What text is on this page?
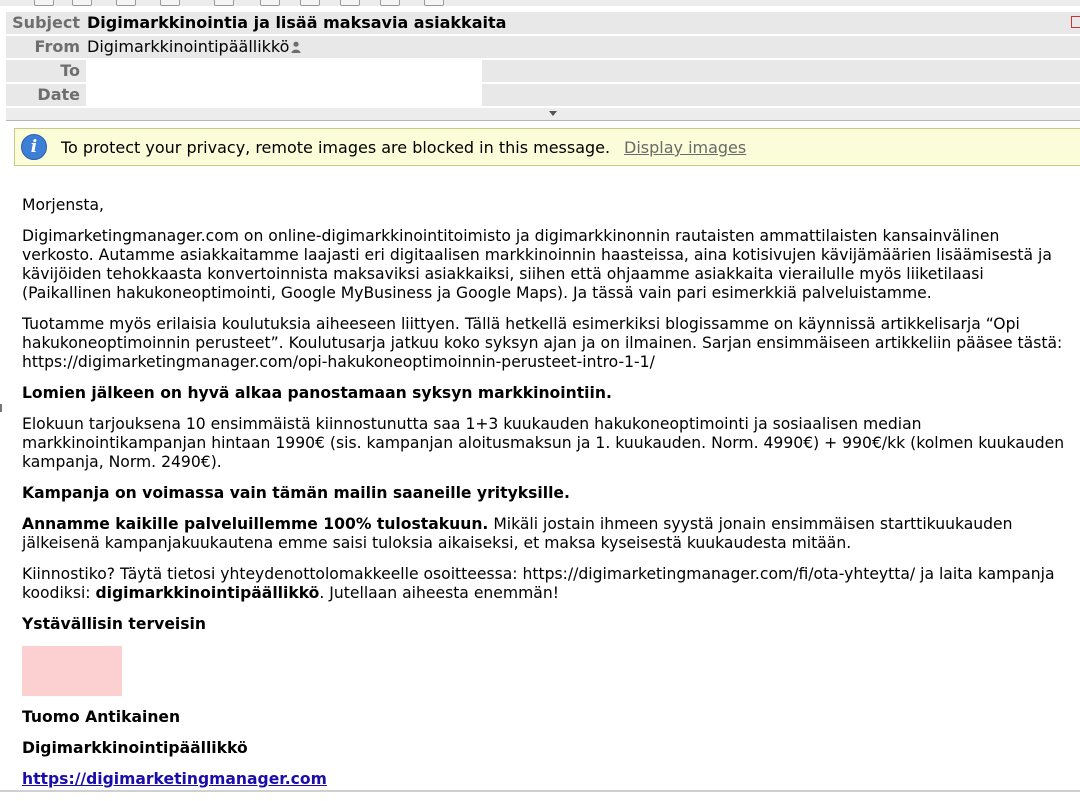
Subject Digimarkkinointia ja lisää maksavia asiakkaita
From Digimarkkinointipäällikkö
To
Date
i	To protect your privacy, remote images are blocked in this message. Display images

Morjensta,

Digimarketingmanager.com on online-digimarkkinointitoimisto ja digimarkkinonnin rautaisten ammattilaisten kansainvälinen verkosto. Autamme asiakkaitamme laajasti eri digitaalisen markkinoinnin haasteissa, aina kotisivujen kävijämäärien lisäämisestä ja kävijöiden tehokkaasta konvertoinnista maksaviksi asiakkaiksi, siihen että ohjaamme asiakkaita vierailulle myös liiketilaasi (Paikallinen hakukoneoptimointi, Google MyBusiness ja Google Maps). Ja tässä vain pari esimerkkiä palveluistamme.

Tuotamme myös erilaisia koulutuksia aiheeseen liittyen. Tällä hetkellä esimerkiksi blogissamme on käynnissä artikkelisarja “Opi hakukoneoptimoinnin perusteet”. Koulutusarja jatkuu koko syksyn ajan ja on ilmainen. Sarjan ensimmäiseen artikkeliin pääsee tästä: https://digimarketingmanager.com/opi-hakukoneoptimoinnin-perusteet-intro-1-1/

Lomien jälkeen on hyvä alkaa panostamaan syksyn markkinointiin.

Elokuun tarjouksena 10 ensimmäistä kiinnostunutta saa 1+3 kuukauden hakukoneoptimointi ja sosiaalisen median markkinointikampanjan hintaan 1990€ (sis. kampanjan aloitusmaksun ja 1. kuukauden. Norm. 4990€) + 990€/kk (kolmen kuukauden kampanja, Norm. 2490€).

Kampanja on voimassa vain tämän mailin saaneille yrityksille.

Annamme kaikille palveluillemme 100% tulostakuun. Mikäli jostain ihmeen syystä jonain ensimmäisen starttikuukauden jälkeisenä kampanjakuukautena emme saisi tuloksia aikaiseksi, et maksa kyseisestä kuukaudesta mitään.

Kiinnostiko? Täytä tietosi yhteydenottolomakkeelle osoitteessa: https://digimarketingmanager.com/fi/ota-yhteytta/ ja laita kampanja koodiksi: digimarkkinointipäällikkö. Jutellaan aiheesta enemmän!

Ystävällisin terveisin

Tuomo Antikainen

Digimarkkinointipäällikkö

https://digimarketingmanager.com
